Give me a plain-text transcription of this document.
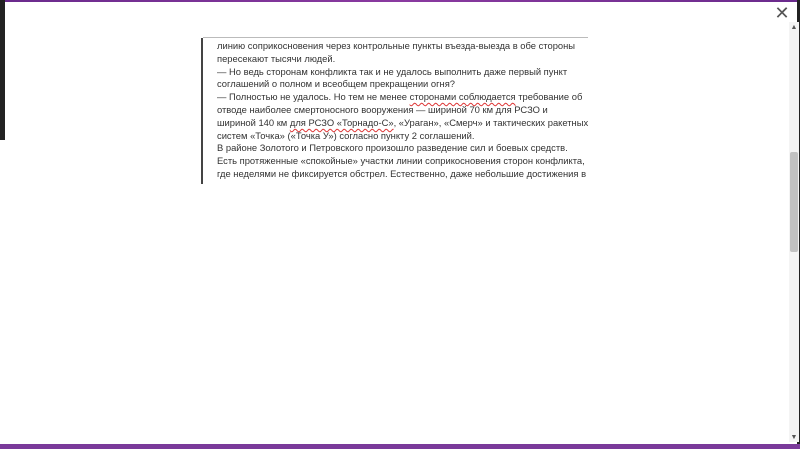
✕
▲
▼

линию соприкосновения через контрольные пункты въезда-выезда в обе стороны пересекают тысячи людей.

— Но ведь сторонам конфликта так и не удалось выполнить даже первый пункт соглашений о полном и всеобщем прекращении огня?

— Полностью не удалось. Но тем не менее сторонами соблюдается требование об отводе наиболее смертоносного вооружения — шириной 70 км для РСЗО и шириной 140 км для РСЗО «Торнадо-С», «Ураган», «Смерч» и тактических ракетных систем «Точка» («Точка У») согласно пункту 2 соглашений.

В районе Золотого и Петровского произошло разведение сил и боевых средств. Есть протяженные «спокойные» участки линии соприкосновения сторон конфликта, где неделями не фиксируется обстрел. Естественно, даже небольшие достижения в
